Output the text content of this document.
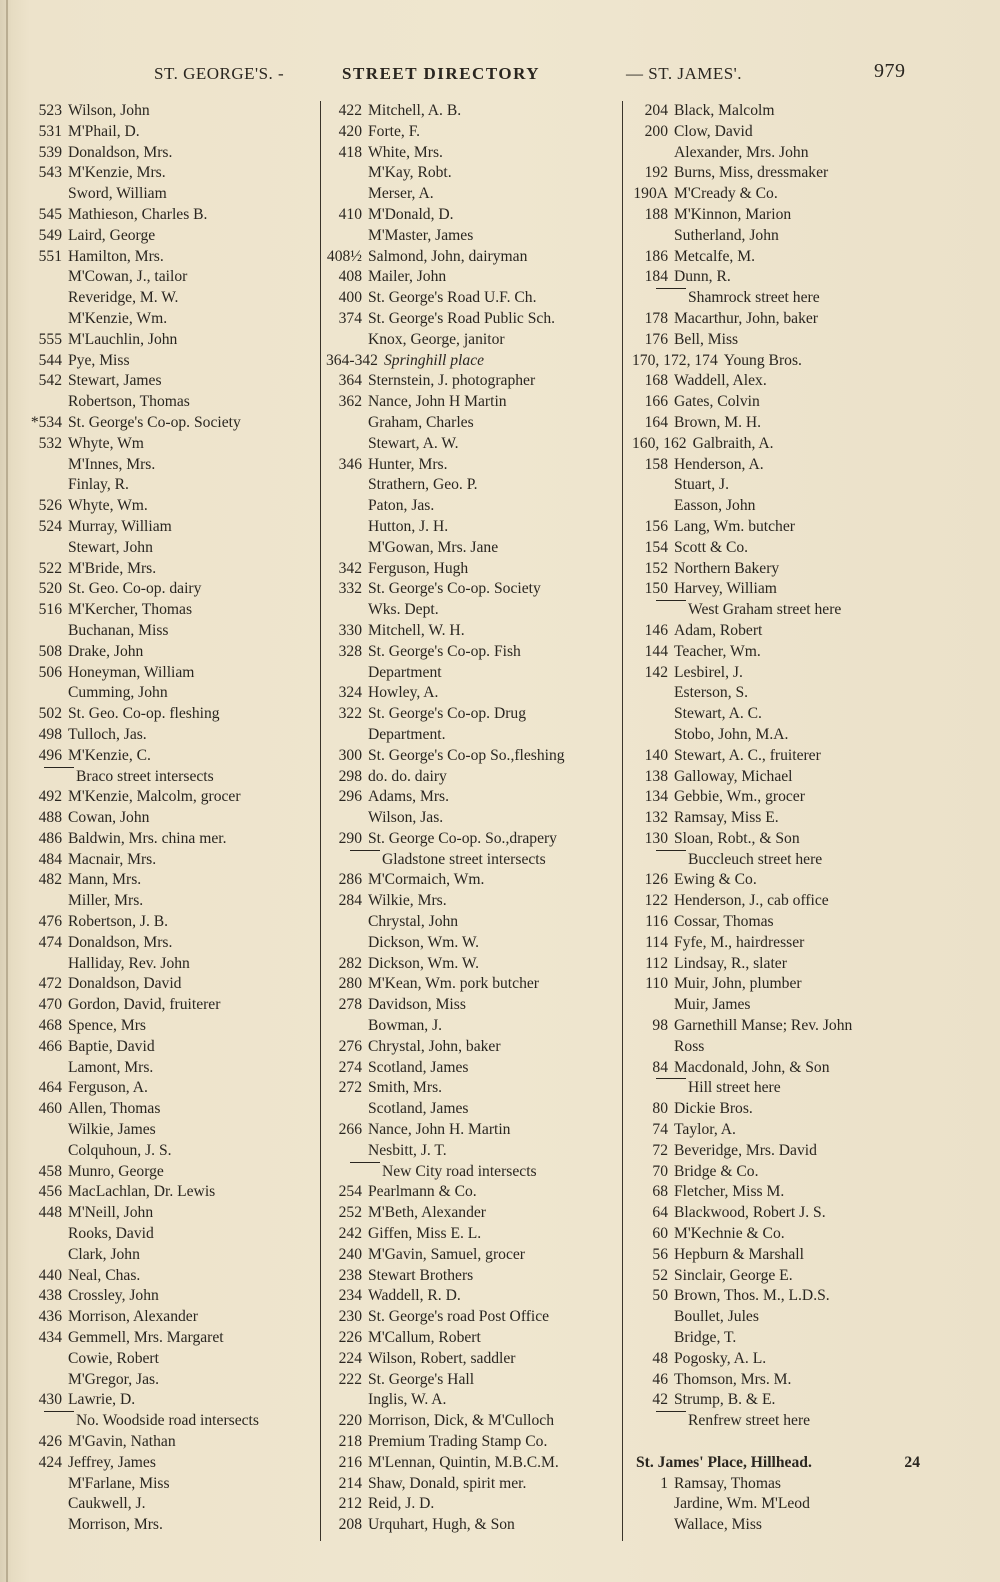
ST. GEORGE'S. -	STREET DIRECTORY	— ST. JAMES'.	979
523 Wilson, John
531 M'Phail, D.
539 Donaldson, Mrs.
543 M'Kenzie, Mrs.
Sword, William
545 Mathieson, Charles B.
549 Laird, George
551 Hamilton, Mrs.
M'Cowan, J., tailor
Reveridge, M. W.
M'Kenzie, Wm.
555 M'Lauchlin, John
544 Pye, Miss
542 Stewart, James
Robertson, Thomas
*534 St. George's Co-op. Society
532 Whyte, Wm
M'Innes, Mrs.
Finlay, R.
526 Whyte, Wm.
524 Murray, William
Stewart, John
522 M'Bride, Mrs.
520 St. Geo. Co-op. dairy
516 M'Kercher, Thomas
Buchanan, Miss
508 Drake, John
506 Honeyman, William
Cumming, John
502 St. Geo. Co-op. fleshing
498 Tulloch, Jas.
496 M'Kenzie, C.
Braco street intersects
492 M'Kenzie, Malcolm, grocer
488 Cowan, John
486 Baldwin, Mrs. china mer.
484 Macnair, Mrs.
482 Mann, Mrs.
Miller, Mrs.
476 Robertson, J. B.
474 Donaldson, Mrs.
Halliday, Rev. John
472 Donaldson, David
470 Gordon, David, fruiterer
468 Spence, Mrs
466 Baptie, David
Lamont, Mrs.
464 Ferguson, A.
460 Allen, Thomas
Wilkie, James
Colquhoun, J. S.
458 Munro, George
456 MacLachlan, Dr. Lewis
448 M'Neill, John
Rooks, David
Clark, John
440 Neal, Chas.
438 Crossley, John
436 Morrison, Alexander
434 Gemmell, Mrs. Margaret
Cowie, Robert
M'Gregor, Jas.
430 Lawrie, D.
No. Woodside road intersects
426 M'Gavin, Nathan
424 Jeffrey, James
M'Farlane, Miss
Caukwell, J.
Morrison, Mrs.
422 Mitchell, A. B.
420 Forte, F.
418 White, Mrs.
M'Kay, Robt.
Merser, A.
410 M'Donald, D.
M'Master, James
408½ Salmond, John, dairyman
408 Mailer, John
400 St. George's Road U.F. Ch.
374 St. George's Road Public Sch.
Knox, George, janitor
364-342 Springhill place
364 Sternstein, J. photographer
362 Nance, John H Martin
Graham, Charles
Stewart, A. W.
346 Hunter, Mrs.
Strathern, Geo. P.
Paton, Jas.
Hutton, J. H.
M'Gowan, Mrs. Jane
342 Ferguson, Hugh
332 St. George's Co-op. Society
Wks. Dept.
330 Mitchell, W. H.
328 St. George's Co-op. Fish
Department
324 Howley, A.
322 St. George's Co-op. Drug
Department.
300 St. George's Co-op So.,fleshing
298 do. do. dairy
296 Adams, Mrs.
Wilson, Jas.
290 St. George Co-op. So.,drapery
Gladstone street intersects
286 M'Cormaich, Wm.
284 Wilkie, Mrs.
Chrystal, John
Dickson, Wm. W.
282 Dickson, Wm. W.
280 M'Kean, Wm. pork butcher
278 Davidson, Miss
Bowman, J.
276 Chrystal, John, baker
274 Scotland, James
272 Smith, Mrs.
Scotland, James
266 Nance, John H. Martin
Nesbitt, J. T.
New City road intersects
254 Pearlmann & Co.
252 M'Beth, Alexander
242 Giffen, Miss E. L.
240 M'Gavin, Samuel, grocer
238 Stewart Brothers
234 Waddell, R. D.
230 St. George's road Post Office
226 M'Callum, Robert
224 Wilson, Robert, saddler
222 St. George's Hall
Inglis, W. A.
220 Morrison, Dick, & M'Culloch
218 Premium Trading Stamp Co.
216 M'Lennan, Quintin, M.B.C.M.
214 Shaw, Donald, spirit mer.
212 Reid, J. D.
208 Urquhart, Hugh, & Son
204 Black, Malcolm
200 Clow, David
Alexander, Mrs. John
192 Burns, Miss, dressmaker
190A M'Cready & Co.
188 M'Kinnon, Marion
Sutherland, John
186 Metcalfe, M.
184 Dunn, R.
Shamrock street here
178 Macarthur, John, baker
176 Bell, Miss
170, 172, 174 Young Bros.
168 Waddell, Alex.
166 Gates, Colvin
164 Brown, M. H.
160, 162 Galbraith, A.
158 Henderson, A.
Stuart, J.
Easson, John
156 Lang, Wm. butcher
154 Scott & Co.
152 Northern Bakery
150 Harvey, William
West Graham street here
146 Adam, Robert
144 Teacher, Wm.
142 Lesbirel, J.
Esterson, S.
Stewart, A. C.
Stobo, John, M.A.
140 Stewart, A. C., fruiterer
138 Galloway, Michael
134 Gebbie, Wm., grocer
132 Ramsay, Miss E.
130 Sloan, Robt., & Son
Buccleuch street here
126 Ewing & Co.
122 Henderson, J., cab office
116 Cossar, Thomas
114 Fyfe, M., hairdresser
112 Lindsay, R., slater
110 Muir, John, plumber
Muir, James
98 Garnethill Manse; Rev. John
Ross
84 Macdonald, John, & Son
Hill street here
80 Dickie Bros.
74 Taylor, A.
72 Beveridge, Mrs. David
70 Bridge & Co.
68 Fletcher, Miss M.
64 Blackwood, Robert J. S.
60 M'Kechnie & Co.
56 Hepburn & Marshall
52 Sinclair, George E.
50 Brown, Thos. M., L.D.S.
Boullet, Jules
Bridge, T.
48 Pogosky, A. L.
46 Thomson, Mrs. M.
42 Strump, B. & E.
Renfrew street here
St. James' Place, Hillhead.	24
1 Ramsay, Thomas
Jardine, Wm. M'Leod
Wallace, Miss
